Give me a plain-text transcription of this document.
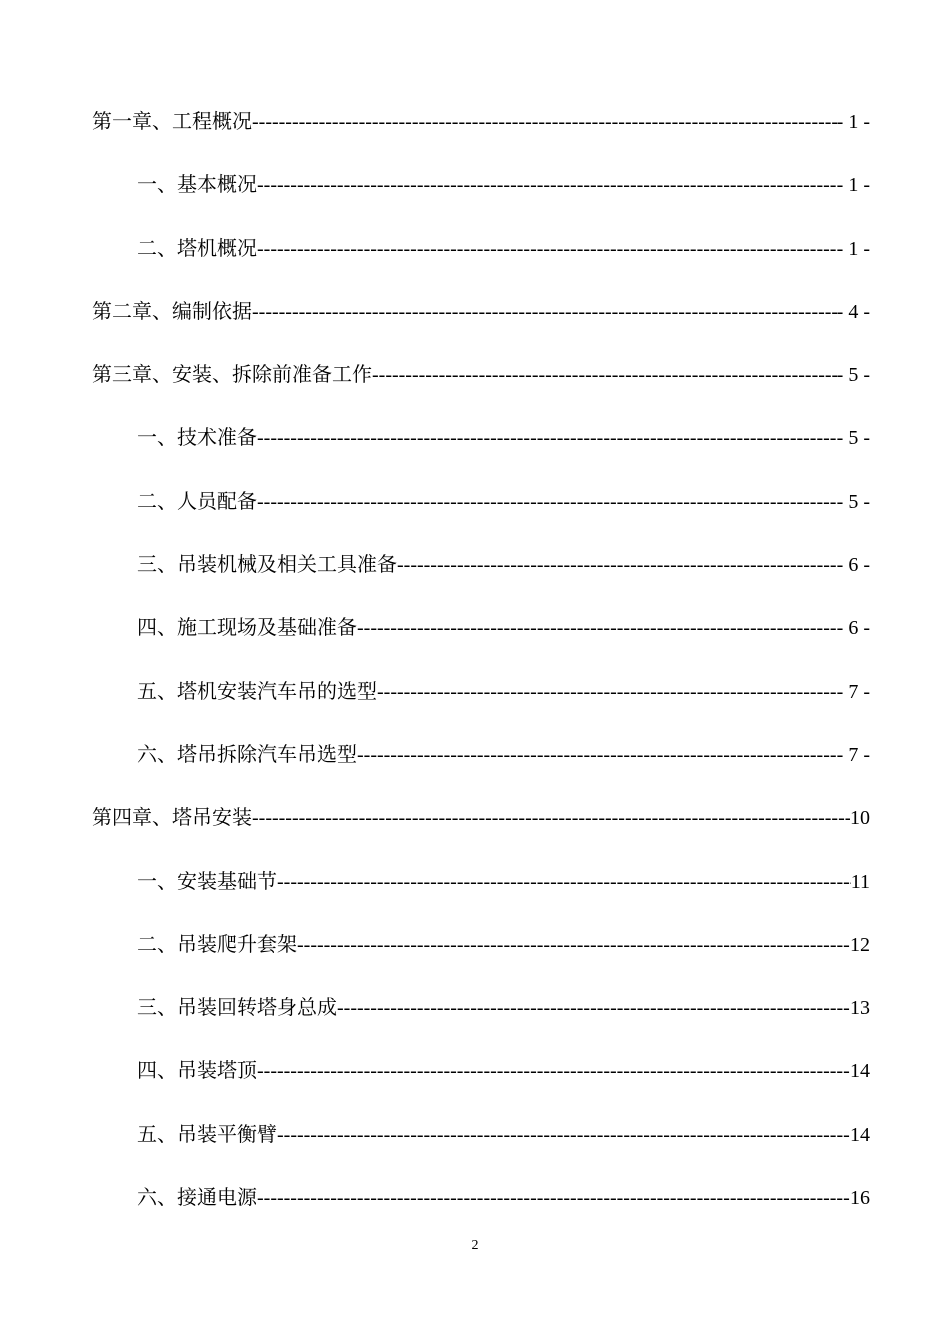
第一章、工程概况 -----	- 1 -
一、基本概况 -----	- 1 -
二、塔机概况 -----	- 1 -
第二章、编制依据 -----	- 4 -
第三章、安装、拆除前准备工作 -----	- 5 -
一、技术准备 -----	- 5 -
二、人员配备 -----	- 5 -
三、吊装机械及相关工具准备 -----	- 6 -
四、施工现场及基础准备 -----	- 6 -
五、塔机安装汽车吊的选型 -----	- 7 -
六、塔吊拆除汽车吊选型 -----	- 7 -
第四章、塔吊安装 -----	10
一、安装基础节 -----	11
二、吊装爬升套架 -----	12
三、吊装回转塔身总成 -----	13
四、吊装塔顶 -----	14
五、吊装平衡臂 -----	14
六、接通电源 -----	16
2
